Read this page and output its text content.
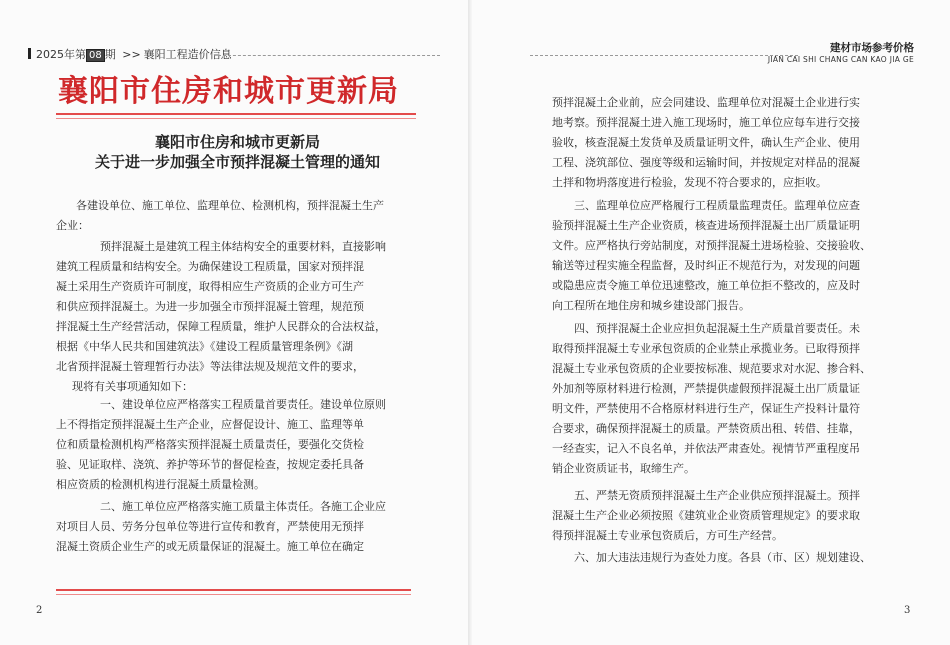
2025年第 08 期 >> 襄阳工程造价信息	建材市场参考价格
JIAN CAI SHI CHANG CAN KAO JIA GE
襄阳市住房和城市更新局
襄阳市住房和城市更新局
关于进一步加强全市预拌混凝土管理的通知
各建设单位、施工单位、监理单位、检测机构，预拌混凝土生产
企业：
预拌混凝土是建筑工程主体结构安全的重要材料，直接影响
建筑工程质量和结构安全。为确保建设工程质量，国家对预拌混
凝土采用生产资质许可制度，取得相应生产资质的企业方可生产
和供应预拌混凝土。为进一步加强全市预拌混凝土管理，规范预
拌混凝土生产经营活动，保障工程质量，维护人民群众的合法权益，
根据《中华人民共和国建筑法》《建设工程质量管理条例》《湖
北省预拌混凝土管理暂行办法》等法律法规及规范文件的要求，
现将有关事项通知如下：
一、建设单位应严格落实工程质量首要责任。建设单位原则
上不得指定预拌混凝土生产企业，应督促设计、施工、监理等单
位和质量检测机构严格落实预拌混凝土质量责任，要强化交货检
验、见证取样、浇筑、养护等环节的督促检查，按规定委托具备
相应资质的检测机构进行混凝土质量检测。
二、施工单位应严格落实施工质量主体责任。各施工企业应
对项目人员、劳务分包单位等进行宣传和教育，严禁使用无预拌
混凝土资质企业生产的或无质量保证的混凝土。施工单位在确定
预拌混凝土企业前，应会同建设、监理单位对混凝土企业进行实
地考察。预拌混凝土进入施工现场时，施工单位应每车进行交接
验收，核查混凝土发货单及质量证明文件，确认生产企业、使用
工程、浇筑部位、强度等级和运输时间，并按规定对样品的混凝
土拌和物坍落度进行检验，发现不符合要求的，应拒收。
三、监理单位应严格履行工程质量监理责任。监理单位应查
验预拌混凝土生产企业资质，核查进场预拌混凝土出厂质量证明
文件。应严格执行旁站制度，对预拌混凝土进场检验、交接验收、
输送等过程实施全程监督，及时纠正不规范行为，对发现的问题
或隐患应责令施工单位迅速整改，施工单位拒不整改的，应及时
向工程所在地住房和城乡建设部门报告。
四、预拌混凝土企业应担负起混凝土生产质量首要责任。未
取得预拌混凝土专业承包资质的企业禁止承揽业务。已取得预拌
混凝土专业承包资质的企业要按标准、规范要求对水泥、掺合料、
外加剂等原材料进行检测，严禁提供虚假预拌混凝土出厂质量证
明文件，严禁使用不合格原材料进行生产，保证生产投料计量符
合要求，确保预拌混凝土的质量。严禁资质出租、转借、挂靠，
一经查实，记入不良名单，并依法严肃查处。视情节严重程度吊
销企业资质证书，取缔生产。
五、严禁无资质预拌混凝土生产企业供应预拌混凝土。预拌
混凝土生产企业必须按照《建筑业企业资质管理规定》的要求取
得预拌混凝土专业承包资质后，方可生产经营。
六、加大违法违规行为查处力度。各县（市、区）规划建设、
2	3
